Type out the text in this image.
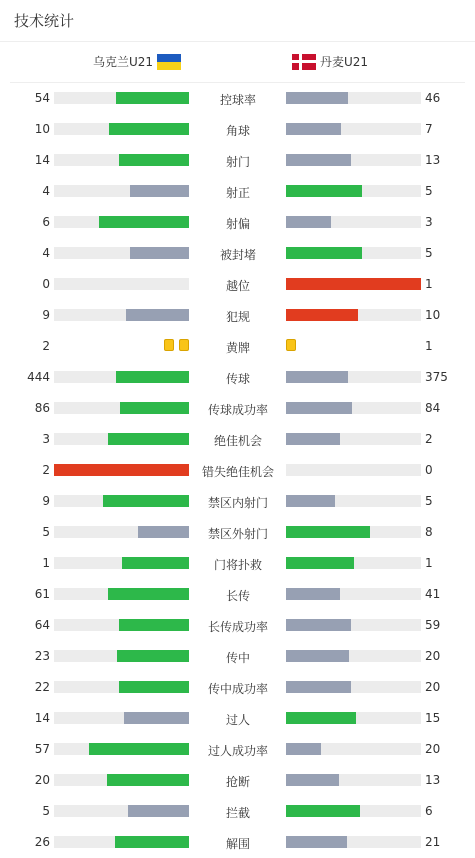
技术统计
乌克兰U21	丹麦U21
54	控球率	46
10	角球	7
14	射门	13
4	射正	5
6	射偏	3
4	被封堵	5
0	越位	1
9	犯规	10
2	黄牌	1
444	传球	375
86	传球成功率	84
3	绝佳机会	2
2	错失绝佳机会	0
9	禁区内射门	5
5	禁区外射门	8
1	门将扑救	1
61	长传	41
64	长传成功率	59
23	传中	20
22	传中成功率	20
14	过人	15
57	过人成功率	20
20	抢断	13
5	拦截	6
26	解围	21
